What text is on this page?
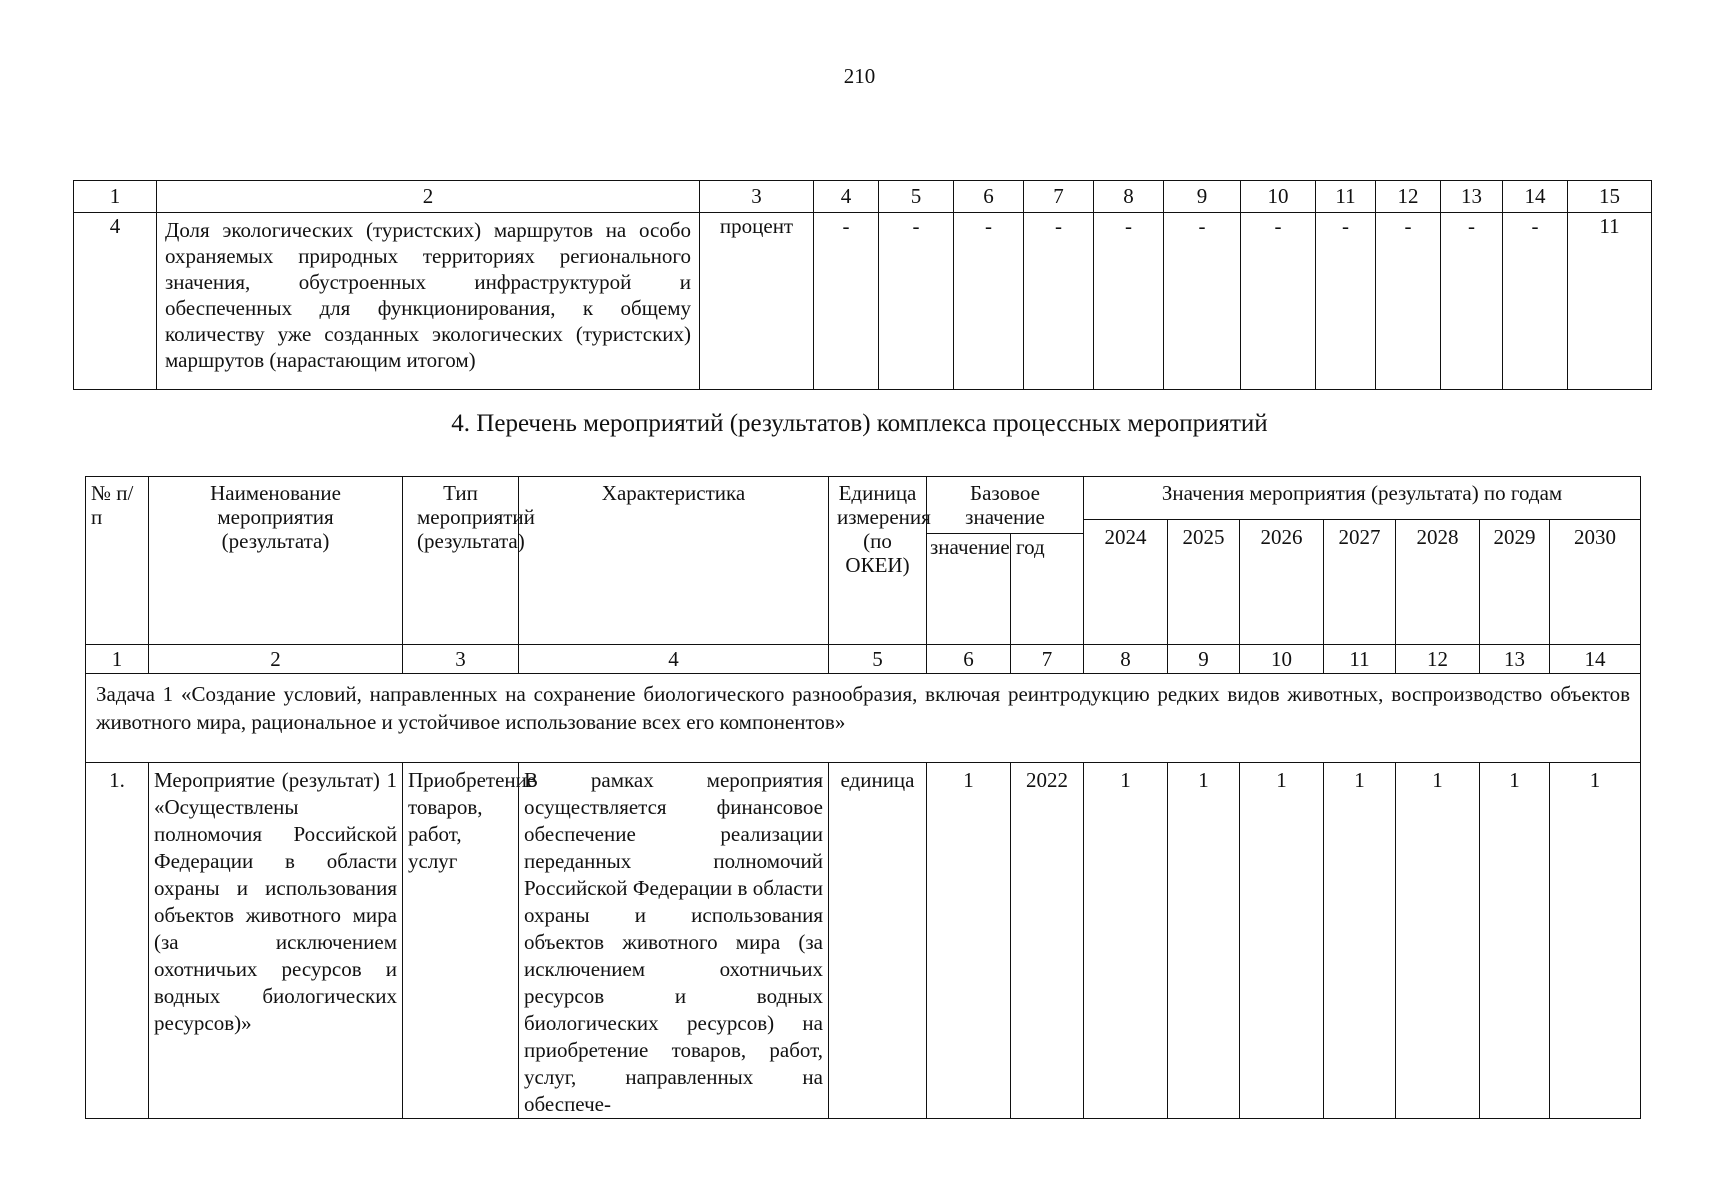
210
1	2	3	4	5	6	7	8	9	10	11	12	13	14	15
4	Доля экологических (туристских) маршрутов на особо охраняемых природных территориях регионального значения, обустроенных инфраструктурой и обеспеченных для функционирования, к общему количеству уже созданных экологических (туристских) маршрутов (нарастающим итогом)	процент	-	-	-	-	-	-	-	-	-	-	-	11
4. Перечень мероприятий (результатов) комплекса процессных мероприятий
№ п/п	Наименование мероприятия (результата)	Тип мероприятий (результата)	Характеристика	Единица измерения (по ОКЕИ)	Базовое значение		Значения мероприятия (результата) по годам						
							2024	2025	2026	2027	2028	2029	2030
					значение	год							
1	2	3	4	5	6	7	8	9	10	11	12	13	14
Задача 1 «Создание условий, направленных на сохранение биологического разнообразия, включая реинтродукцию редких видов животных, воспроизводство объектов животного мира, рациональное и устойчивое использование всех его компонентов»													
1.	Мероприятие (результат) 1 «Осуществлены полномочия Российской Федерации в области охраны и использования объектов животного мира (за исключением охотничьих ресурсов и водных биологических ресурсов)»	Приобретение товаров, работ, услуг	В рамках мероприятия осуществляется финансовое обеспечение реализации переданных полномочий Российской Федерации в области охраны и использования объектов животного мира (за исключением охотничьих ресурсов и водных биологических ресурсов) на приобретение товаров, работ, услуг, направленных на обеспече-	единица	1	2022	1	1	1	1	1	1	1
